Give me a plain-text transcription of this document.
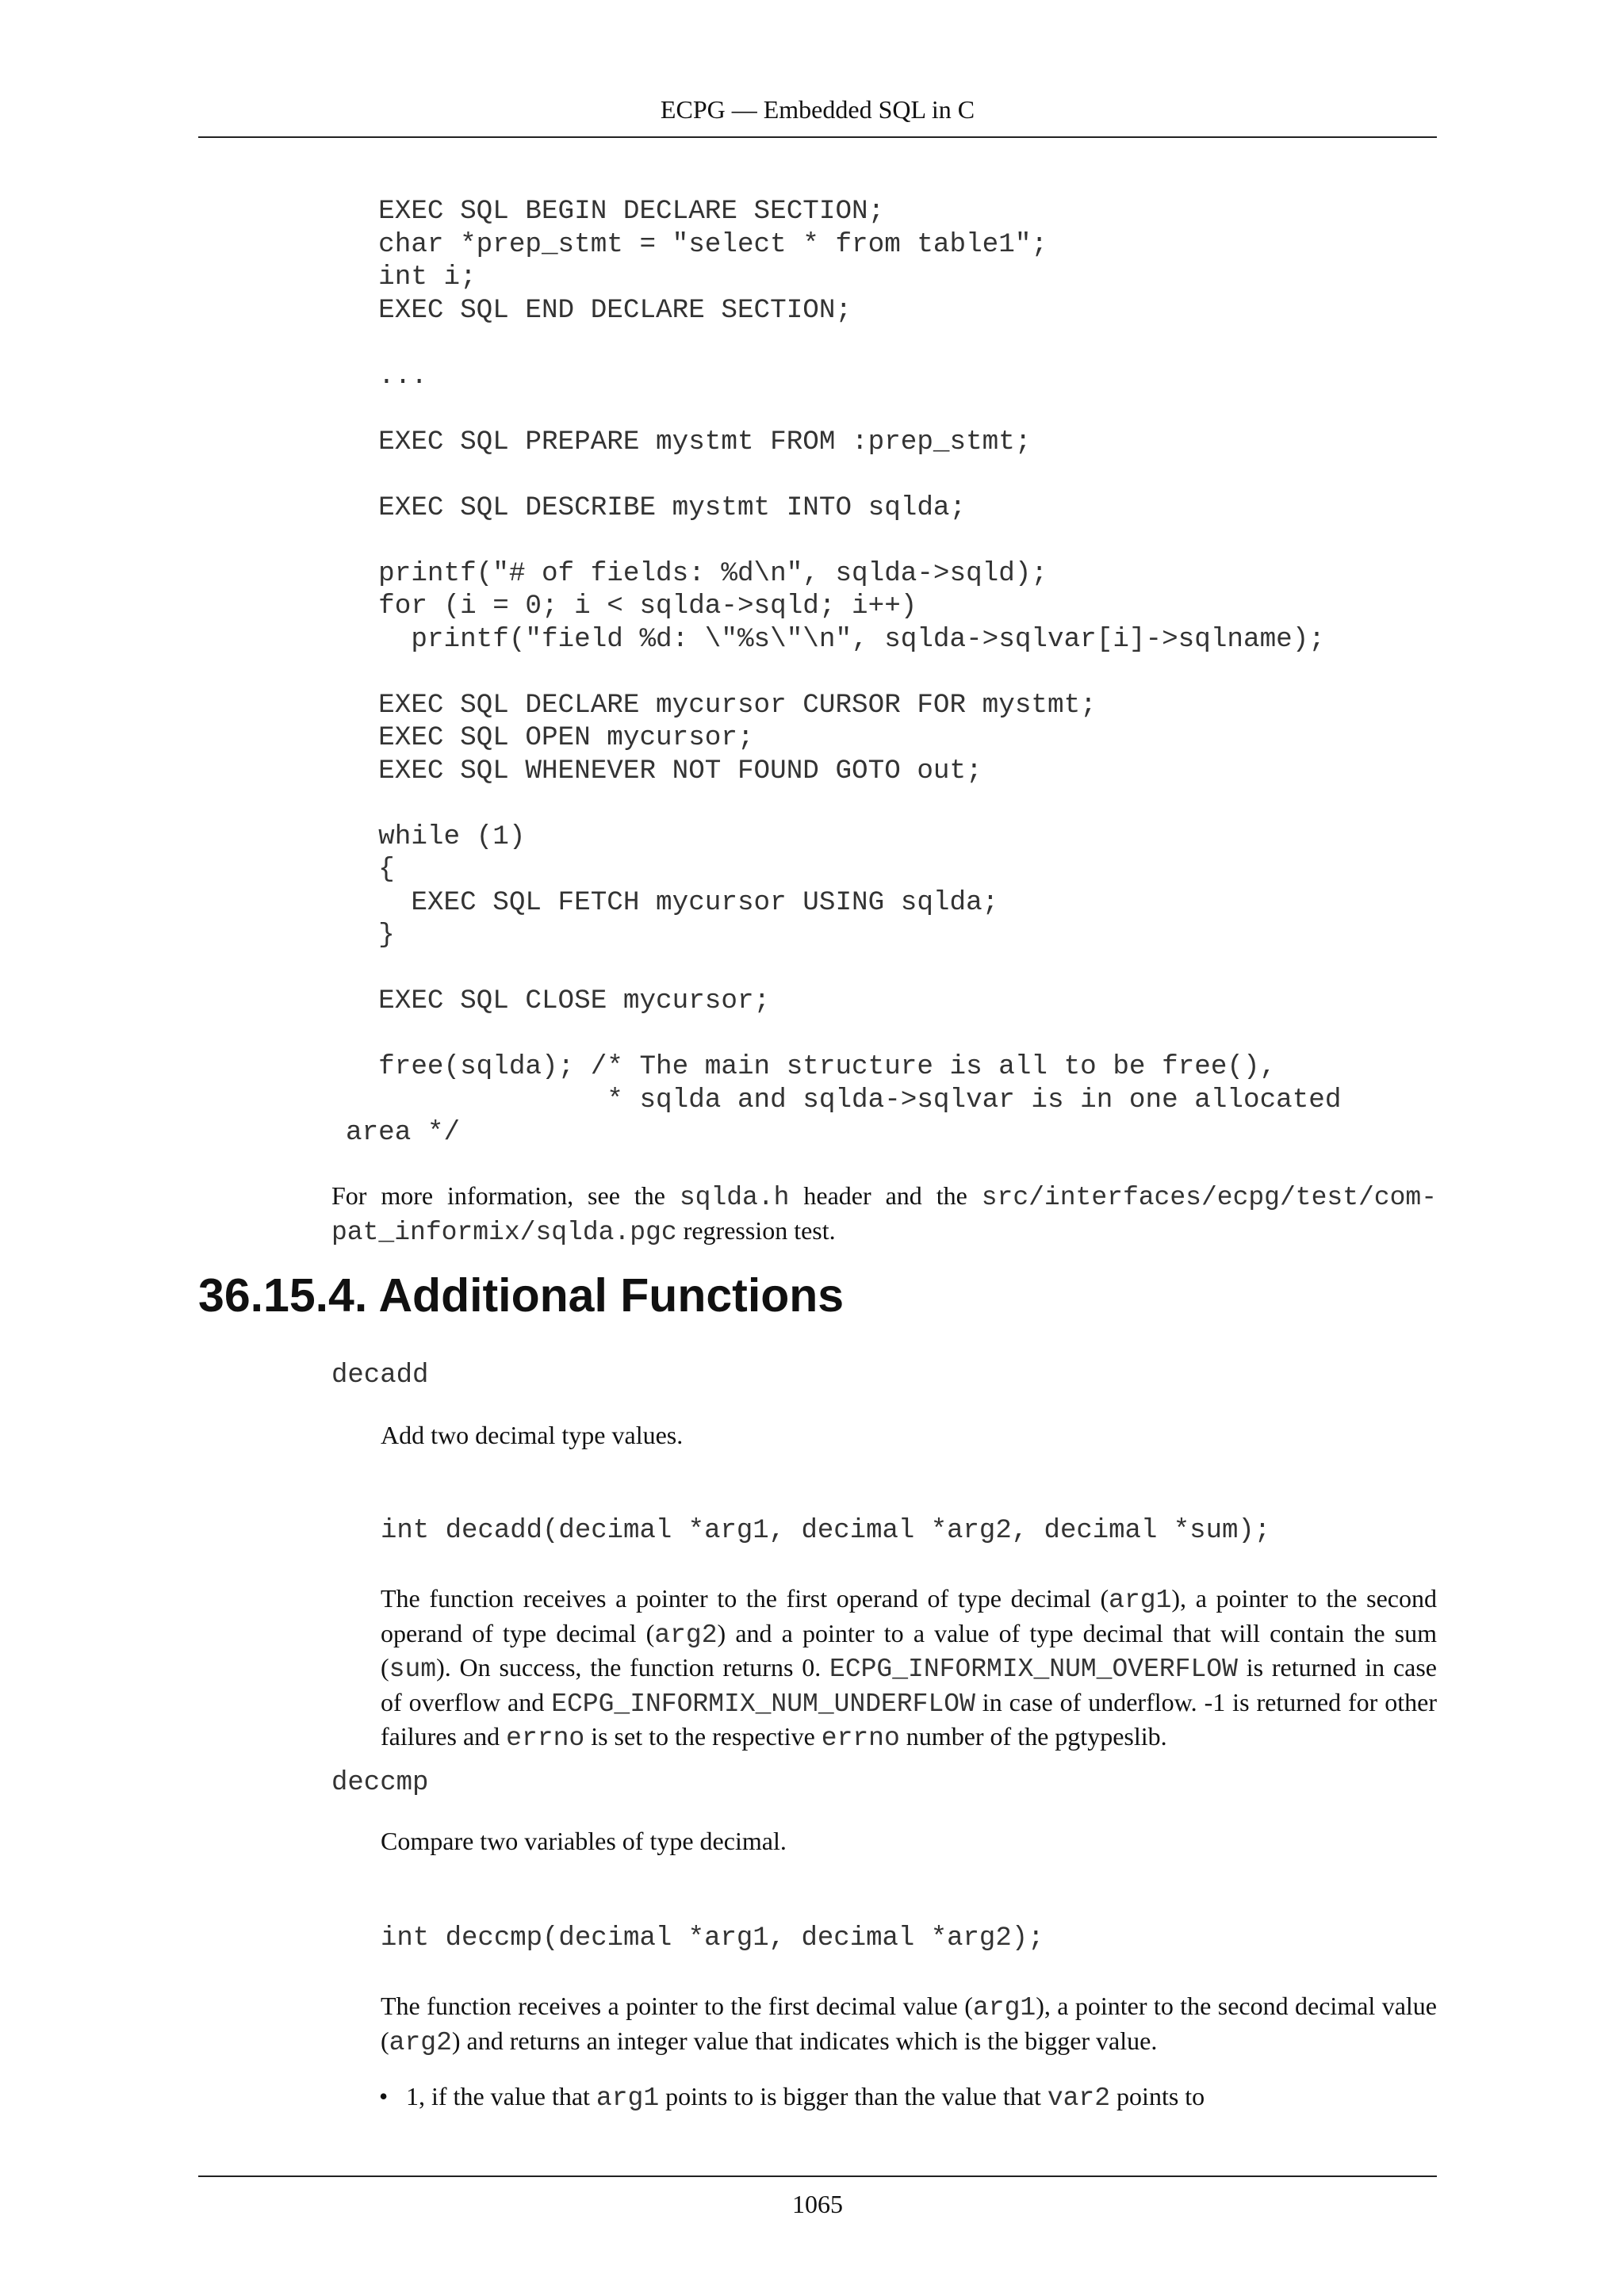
ECPG — Embedded SQL in C
EXEC SQL BEGIN DECLARE SECTION;
char *prep_stmt = "select * from table1";
int i;
EXEC SQL END DECLARE SECTION;

...

EXEC SQL PREPARE mystmt FROM :prep_stmt;

EXEC SQL DESCRIBE mystmt INTO sqlda;

printf("# of fields: %d\n", sqlda->sqld);
for (i = 0; i < sqlda->sqld; i++)
printf("field %d: \"%s\"\n", sqlda->sqlvar[i]->sqlname);

EXEC SQL DECLARE mycursor CURSOR FOR mystmt;
EXEC SQL OPEN mycursor;
EXEC SQL WHENEVER NOT FOUND GOTO out;

while (1)
{
EXEC SQL FETCH mycursor USING sqlda;
}

EXEC SQL CLOSE mycursor;

free(sqlda); /* The main structure is all to be free(),
* sqlda and sqlda->sqlvar is in one allocated
area */

For more information, see the sqlda.h header and the src/interfaces/ecpg/test/com-pat_informix/sqlda.pgc regression test.

36.15.4. Additional Functions
decadd

Add two decimal type values.

int decadd(decimal *arg1, decimal *arg2, decimal *sum);

The function receives a pointer to the first operand of type decimal (arg1), a pointer to the second operand of type decimal (arg2) and a pointer to a value of type decimal that will contain the sum (sum). On success, the function returns 0. ECPG_INFORMIX_NUM_OVERFLOW is returned in case of overflow and ECPG_INFORMIX_NUM_UNDERFLOW in case of underflow. -1 is returned for other failures and errno is set to the respective errno number of the pgtypeslib.

deccmp

Compare two variables of type decimal.

int deccmp(decimal *arg1, decimal *arg2);

The function receives a pointer to the first decimal value (arg1), a pointer to the second decimal value (arg2) and returns an integer value that indicates which is the bigger value.

• 1, if the value that arg1 points to is bigger than the value that var2 points to
1065
